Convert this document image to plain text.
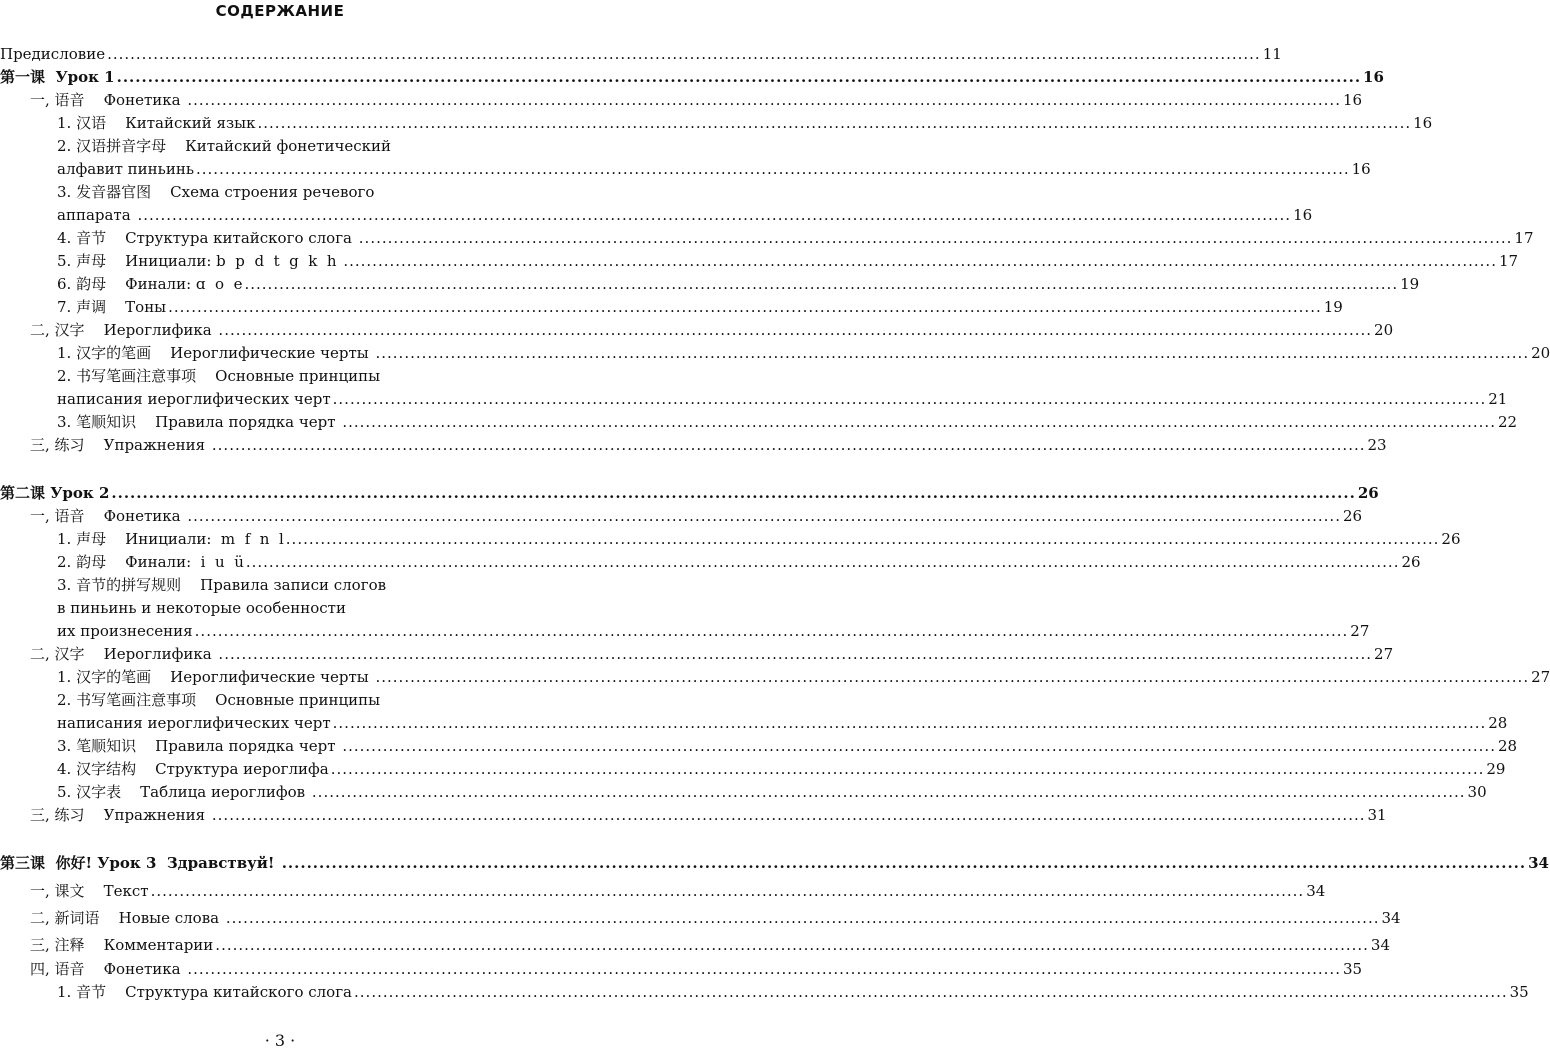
СОДЕРЖАНИЕ
Предисловие ........................................................................................................................................................................................................ 11
第一课  Урок 1 ........................................................................................................................................................................................................ 16
一, 语音    Фонетика ........................................................................................................................................................................................................ 16
1. 汉语    Китайский язык ........................................................................................................................................................................................................ 16
2. 汉语拼音字母    Китайский фонетический
алфавит пиньинь ........................................................................................................................................................................................................ 16
3. 发音器官图    Схема строения речевого
аппарата ........................................................................................................................................................................................................ 16
4. 音节    Структура китайского слога ........................................................................................................................................................................................................ 17
5. 声母    Инициали: b  p  d  t  g  k  h ........................................................................................................................................................................................................ 17
6. 韵母    Финали: ɑ  o  e ........................................................................................................................................................................................................ 19
7. 声调    Тоны ........................................................................................................................................................................................................ 19
二, 汉字    Иероглифика ........................................................................................................................................................................................................ 20
1. 汉字的笔画    Иероглифические черты ........................................................................................................................................................................................................ 20
2. 书写笔画注意事项    Основные принципы
написания иероглифических черт ........................................................................................................................................................................................................ 21
3. 笔顺知识    Правила порядка черт ........................................................................................................................................................................................................ 22
三, 练习    Упражнения ........................................................................................................................................................................................................ 23
第二课 Урок 2 ........................................................................................................................................................................................................ 26
一, 语音    Фонетика ........................................................................................................................................................................................................ 26
1. 声母    Инициали:  m  f  n  l ........................................................................................................................................................................................................ 26
2. 韵母    Финали:  i  u  ü ........................................................................................................................................................................................................ 26
3. 音节的拼写规则    Правила записи слогов
в пиньинь и некоторые особенности
их произнесения ........................................................................................................................................................................................................ 27
二, 汉字    Иероглифика ........................................................................................................................................................................................................ 27
1. 汉字的笔画    Иероглифические черты ........................................................................................................................................................................................................ 27
2. 书写笔画注意事项    Основные принципы
написания иероглифических черт ........................................................................................................................................................................................................ 28
3. 笔顺知识    Правила порядка черт ........................................................................................................................................................................................................ 28
4. 汉字结构    Структура иероглифа ........................................................................................................................................................................................................ 29
5. 汉字表    Таблица иероглифов ........................................................................................................................................................................................................ 30
三, 练习    Упражнения ........................................................................................................................................................................................................ 31
第三课  你好! Урок 3  Здравствуй! ........................................................................................................................................................................................................ 34
一, 课文    Текст ........................................................................................................................................................................................................ 34
二, 新词语    Новые слова ........................................................................................................................................................................................................ 34
三, 注释    Комментарии ........................................................................................................................................................................................................ 34
四, 语音    Фонетика ........................................................................................................................................................................................................ 35
1. 音节    Структура китайского слога ........................................................................................................................................................................................................ 35
· 3 ·
